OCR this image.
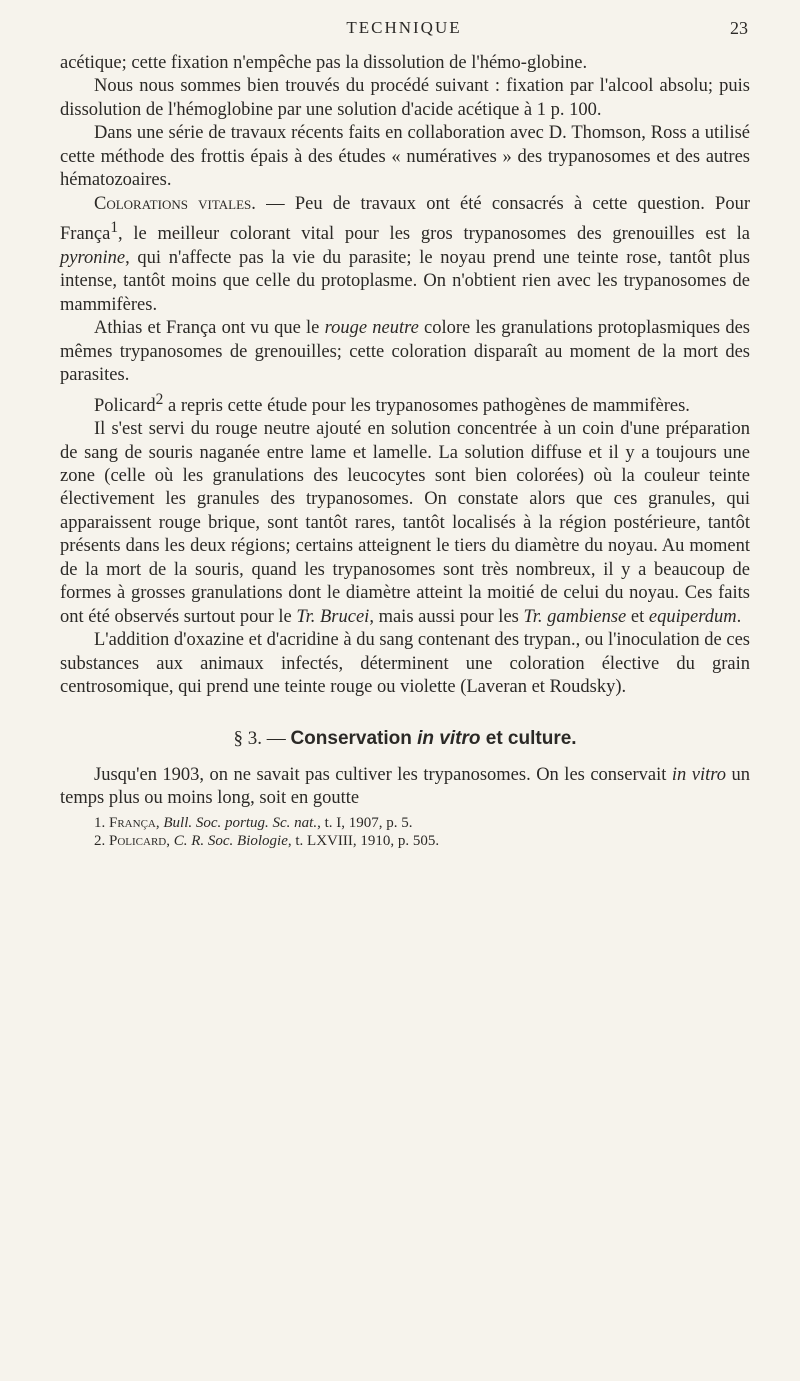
TECHNIQUE	23

acétique; cette fixation n'empêche pas la dissolution de l'hémo-globine.

Nous nous sommes bien trouvés du procédé suivant : fixation par l'alcool absolu; puis dissolution de l'hémoglobine par une solution d'acide acétique à 1 p. 100.

Dans une série de travaux récents faits en collaboration avec D. Thomson, Ross a utilisé cette méthode des frottis épais à des études « numératives » des trypanosomes et des autres hématozoaires.

Colorations vitales. — Peu de travaux ont été consacrés à cette question. Pour França$^1$, le meilleur colorant vital pour les gros trypanosomes des grenouilles est la pyronine, qui n'affecte pas la vie du parasite; le noyau prend une teinte rose, tantôt plus intense, tantôt moins que celle du protoplasme. On n'obtient rien avec les trypanosomes de mammifères.

Athias et França ont vu que le rouge neutre colore les granulations protoplasmiques des mêmes trypanosomes de grenouilles; cette coloration disparaît au moment de la mort des parasites.

Policard$^2$ a repris cette étude pour les trypanosomes pathogènes de mammifères.

Il s'est servi du rouge neutre ajouté en solution concentrée à un coin d'une préparation de sang de souris naganée entre lame et lamelle. La solution diffuse et il y a toujours une zone (celle où les granulations des leucocytes sont bien colorées) où la couleur teinte électivement les granules des trypanosomes. On constate alors que ces granules, qui apparaissent rouge brique, sont tantôt rares, tantôt localisés à la région postérieure, tantôt présents dans les deux régions; certains atteignent le tiers du diamètre du noyau. Au moment de la mort de la souris, quand les trypanosomes sont très nombreux, il y a beaucoup de formes à grosses granulations dont le diamètre atteint la moitié de celui du noyau. Ces faits ont été observés surtout pour le Tr. Brucei, mais aussi pour les Tr. gambiense et equiperdum.

L'addition d'oxazine et d'acridine à du sang contenant des trypan., ou l'inoculation de ces substances aux animaux infectés, déterminent une coloration élective du grain centrosomique, qui prend une teinte rouge ou violette (Laveran et Roudsky).

§ 3. — Conservation in vitro et culture.

Jusqu'en 1903, on ne savait pas cultiver les trypanosomes. On les conservait in vitro un temps plus ou moins long, soit en goutte

1. França, Bull. Soc. portug. Sc. nat., t. I, 1907, p. 5.

2. Policard, C. R. Soc. Biologie, t. LXVIII, 1910, p. 505.
